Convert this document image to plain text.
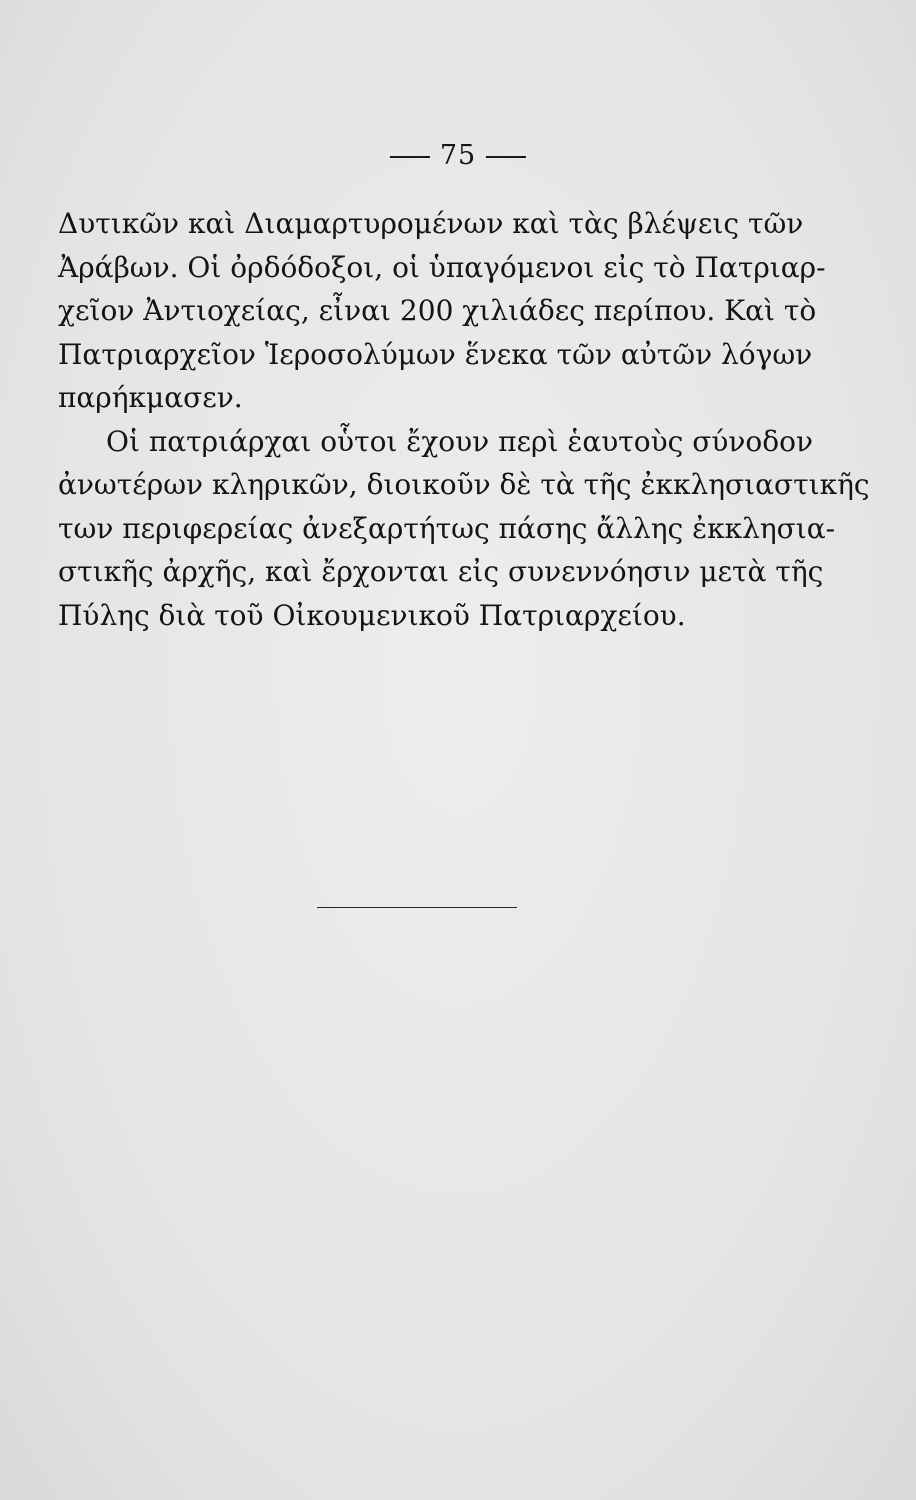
75

Δυτικῶν καὶ Διαμαρτυρομένων καὶ τὰς βλέψεις τῶν
Ἀράβων. Οἱ ὀρδόδοξοι, οἱ ὑπαγόμενοι εἰς τὸ Πατριαρ-
χεῖον Ἀντιοχείας, εἶναι 200 χιλιάδες περίπου. Καὶ τὸ
Πατριαρχεῖον Ἱεροσολύμων ἕνεκα τῶν αὐτῶν λόγων
παρήκμασεν.

Οἱ πατριάρχαι οὗτοι ἔχουν περὶ ἑαυτοὺς σύνοδον
ἀνωτέρων κληρικῶν, διοικοῦν δὲ τὰ τῆς ἐκκλησιαστικῆς
των περιφερείας ἀνεξαρτήτως πάσης ἄλλης ἐκκλησια-
στικῆς ἀρχῆς, καὶ ἔρχονται εἰς συνεννόησιν μετὰ τῆς
Πύλης διὰ τοῦ Οἰκουμενικοῦ Πατριαρχείου.
